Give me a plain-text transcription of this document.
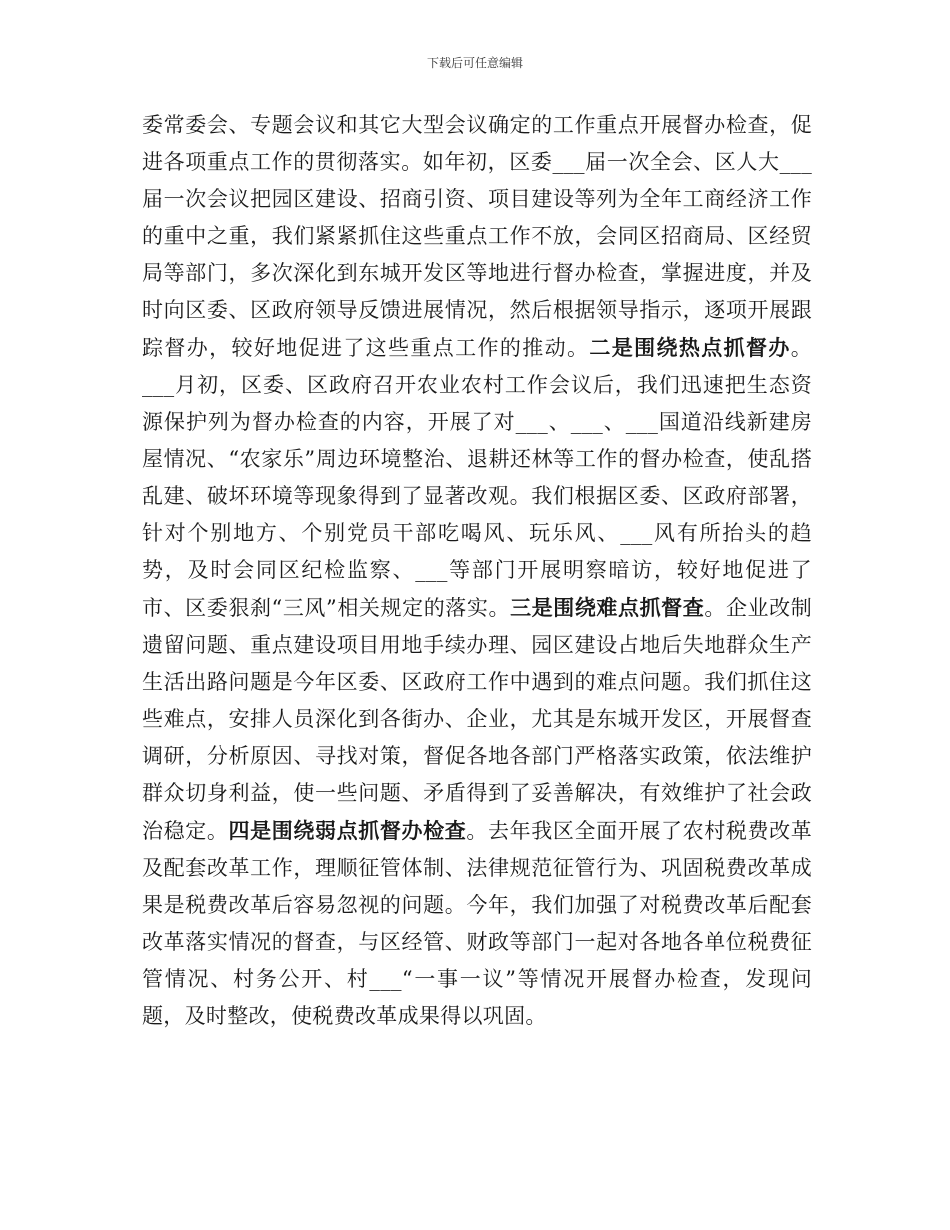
下载后可任意编辑
委常委会、专题会议和其它大型会议确定的工作重点开展督办检查，促进各项重点工作的贯彻落实。如年初，区委___届一次全会、区人大___届一次会议把园区建设、招商引资、项目建设等列为全年工商经济工作的重中之重，我们紧紧抓住这些重点工作不放，会同区招商局、区经贸局等部门，多次深化到东城开发区等地进行督办检查，掌握进度，并及时向区委、区政府领导反馈进展情况，然后根据领导指示，逐项开展跟踪督办，较好地促进了这些重点工作的推动。二是围绕热点抓督办。___月初，区委、区政府召开农业农村工作会议后，我们迅速把生态资源保护列为督办检查的内容，开展了对___、___、___国道沿线新建房屋情况、“农家乐”周边环境整治、退耕还林等工作的督办检查，使乱搭乱建、破坏环境等现象得到了显著改观。我们根据区委、区政府部署，针对个别地方、个别党员干部吃喝风、玩乐风、___风有所抬头的趋势，及时会同区纪检监察、___等部门开展明察暗访，较好地促进了市、区委狠刹“三风”相关规定的落实。三是围绕难点抓督查。企业改制遗留问题、重点建设项目用地手续办理、园区建设占地后失地群众生产生活出路问题是今年区委、区政府工作中遇到的难点问题。我们抓住这些难点，安排人员深化到各街办、企业，尤其是东城开发区，开展督查调研，分析原因、寻找对策，督促各地各部门严格落实政策，依法维护群众切身利益，使一些问题、矛盾得到了妥善解决，有效维护了社会政治稳定。四是围绕弱点抓督办检查。去年我区全面开展了农村税费改革及配套改革工作，理顺征管体制、法律规范征管行为、巩固税费改革成果是税费改革后容易忽视的问题。今年，我们加强了对税费改革后配套改革落实情况的督查，与区经管、财政等部门一起对各地各单位税费征管情况、村务公开、村___“一事一议”等情况开展督办检查，发现问题，及时整改，使税费改革成果得以巩固。
